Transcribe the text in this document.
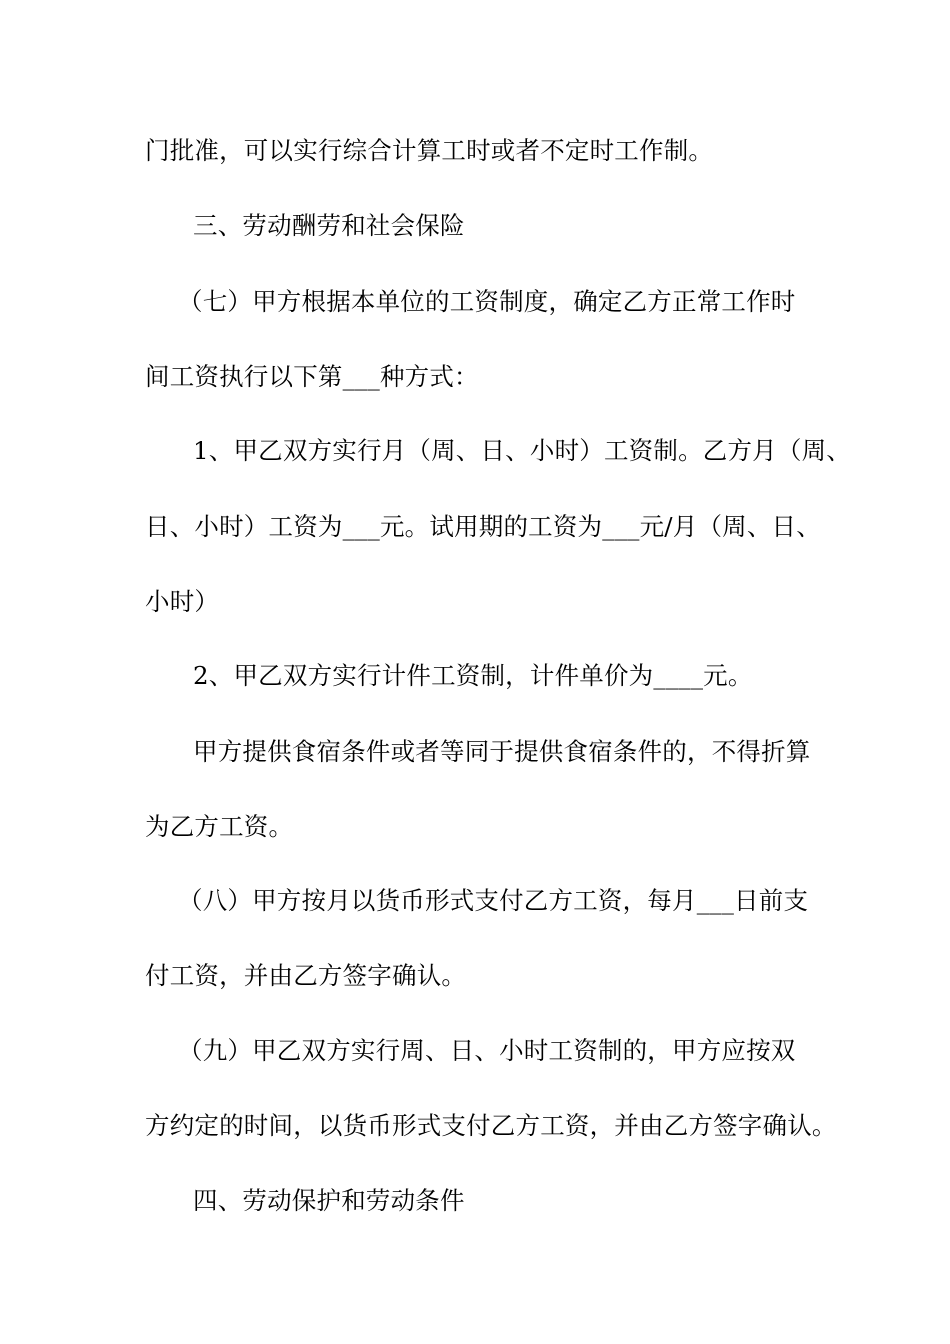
门批准，可以实行综合计算工时或者不定时工作制。
三、劳动酬劳和社会保险
（七）甲方根据本单位的工资制度，确定乙方正常工作时
间工资执行以下第___种方式：
1、甲乙双方实行月（周、日、小时）工资制。乙方月（周、
日、小时）工资为___元。试用期的工资为___元/月（周、日、
小时）
2、甲乙双方实行计件工资制，计件单价为____元。
甲方提供食宿条件或者等同于提供食宿条件的，不得折算
为乙方工资。
（八）甲方按月以货币形式支付乙方工资，每月___日前支
付工资，并由乙方签字确认。
（九）甲乙双方实行周、日、小时工资制的，甲方应按双
方约定的时间，以货币形式支付乙方工资，并由乙方签字确认。
四、劳动保护和劳动条件
